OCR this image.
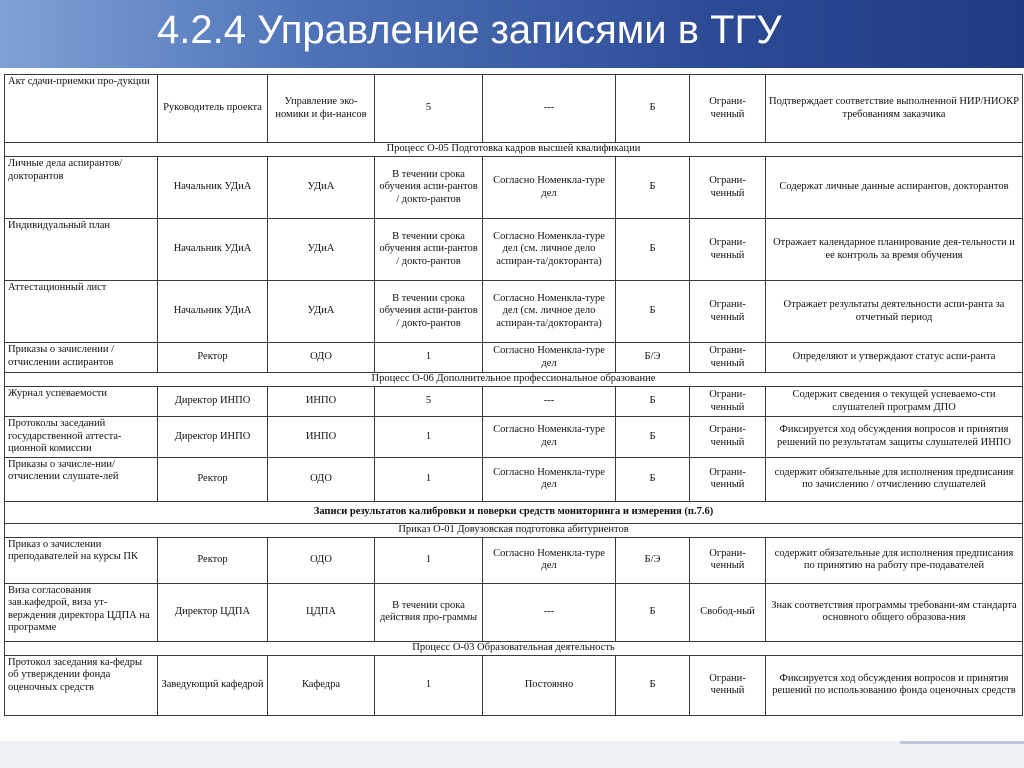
4.2.4 Управление записями в ТГУ
Акт сдачи-приемки про-дукции	Руководитель проекта	Управление эко-номики и фи-нансов	5	---	Б	Ограни-ченный	Подтверждает соответствие выполненной НИР/НИОКР требованиям заказчика
Процесс О-05 Подготовка кадров высшей квалификации							
Личные дела аспирантов/ докторантов	Начальник УДиА	УДиА	В течении срока обучения аспи-рантов / докто-рантов	Согласно Номенкла-туре дел	Б	Ограни-ченный	Содержат личные данные аспирантов, докторантов
Индивидуальный план	Начальник УДиА	УДиА	В течении срока обучения аспи-рантов / докто-рантов	Согласно Номенкла-туре дел (см. личное дело аспиран-та/докторанта)	Б	Ограни-ченный	Отражает календарное планирование дея-тельности и ее контроль за время обучения
Аттестационный лист	Начальник УДиА	УДиА	В течении срока обучения аспи-рантов / докто-рантов	Согласно Номенкла-туре дел (см. личное дело аспиран-та/докторанта)	Б	Ограни-ченный	Отражает результаты деятельности аспи-ранта за отчетный период
Приказы о зачислении / отчислении аспирантов	Ректор	ОДО	1	Согласно Номенкла-туре дел	Б/Э	Ограни-ченный	Определяют и утверждают статус аспи-ранта
Процесс О-06 Дополнительное профессиональное образование							
Журнал успеваемости	Директор ИНПО	ИНПО	5	---	Б	Ограни-ченный	Содержит сведения о текущей успеваемо-сти слушателей программ ДПО
Протоколы заседаний государственной аттеста-ционной комиссии	Директор ИНПО	ИНПО	1	Согласно Номенкла-туре дел	Б	Ограни-ченный	Фиксируется ход обсуждения вопросов и принятия решений по результатам защиты слушателей ИНПО
Приказы о зачисле-нии/отчислении слушате-лей	Ректор	ОДО	1	Согласно Номенкла-туре дел	Б	Ограни-ченный	содержит обязательные для исполнения предписания по зачислению / отчислению слушателей
Записи результатов калибровки и поверки средств мониторинга и измерения (п.7.6)							
Приказ О-01 Довузовская подготовка абитуриентов							
Приказ о зачислении преподавателей на курсы ПК	Ректор	ОДО	1	Согласно Номенкла-туре дел	Б/Э	Ограни-ченный	содержит обязательные для исполнения предписания по принятию на работу пре-подавателей
Виза согласования зав.кафедрой, виза ут-верждения директора ЦДПА на программе	Директор ЦДПА	ЦДПА	В течении срока действия про-граммы	---	Б	Свобод-ный	Знак соответствия программы требовани-ям стандарта основного общего образова-ния
Процесс О-03 Образовательная деятельность							
Протокол заседания ка-федры об утверждении фонда оценочных средств	Заведующий кафедрой	Кафедра	1	Постоянно	Б	Ограни-ченный	Фиксируется ход обсуждения вопросов и принятия решений по использованию фонда оценочных средств
